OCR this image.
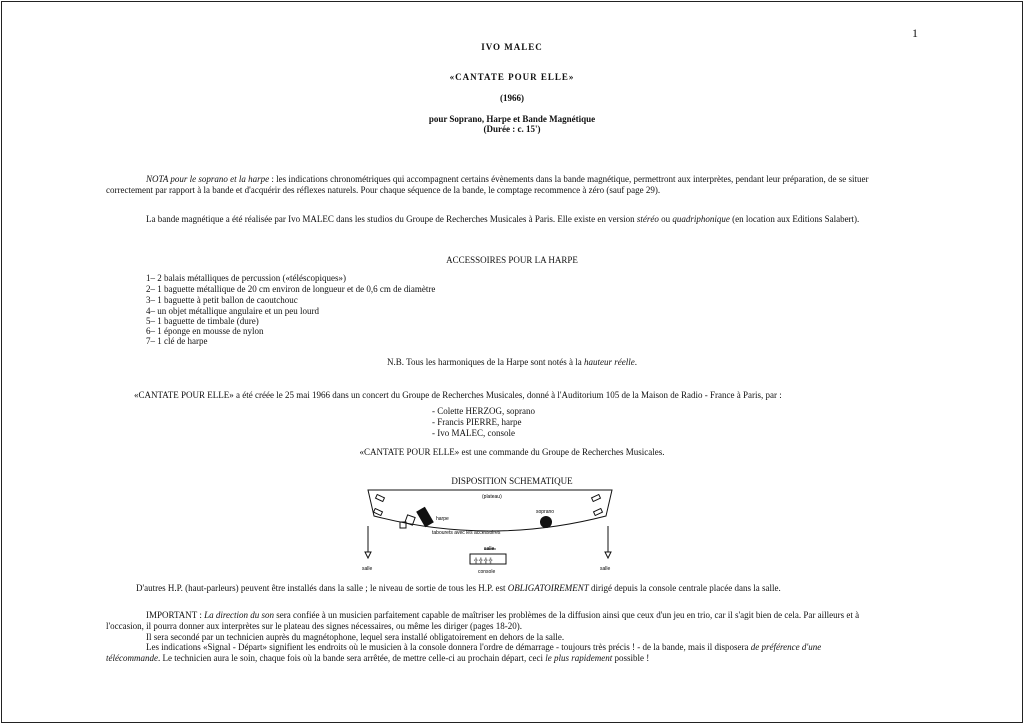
1
IVO MALEC
«CANTATE POUR ELLE»
(1966)
pour Soprano, Harpe et Bande Magnétique
(Durée : c. 15')
NOTA pour le soprano et la harpe : les indications chronométriques qui accompagnent certains évènements dans la bande magnétique, permettront aux interprètes, pendant leur préparation, de se situer correctement par rapport à la bande et d'acquérir des réflexes naturels. Pour chaque séquence de la bande, le comptage recommence à zéro (sauf page 29).
La bande magnétique a été réalisée par Ivo MALEC dans les studios du Groupe de Recherches Musicales à Paris. Elle existe en version stéréo ou quadriphonique (en location aux Editions Salabert).
ACCESSOIRES POUR LA HARPE
1– 2 balais métalliques de percussion («téléscopiques»)
2– 1 baguette métallique de 20 cm environ de longueur et de 0,6 cm de diamètre
3– 1 baguette à petit ballon de caoutchouc
4– un objet métallique angulaire et un peu lourd
5– 1 baguette de timbale (dure)
6– 1 éponge en mousse de nylon
7– 1 clé de harpe
N.B. Tous les harmoniques de la Harpe sont notés à la hauteur réelle.
«CANTATE POUR ELLE» a été créée le 25 mai 1966 dans un concert du Groupe de Recherches Musicales, donné à l'Auditorium 105 de la Maison de Radio - France à Paris, par :
- Colette HERZOG, soprano
- Francis PIERRE, harpe
- Ivo MALEC, console
«CANTATE POUR ELLE» est une commande du Groupe de Recherches Musicales.
DISPOSITION SCHEMATIQUE
(plateau)
harpe
soprano
tabourets avec les accessoires
salle
╬ ╬ ╬ ╬
console
salle	salle
D'autres H.P. (haut-parleurs) peuvent être installés dans la salle ; le niveau de sortie de tous les H.P. est OBLIGATOIREMENT dirigé depuis la console centrale placée dans la salle.
IMPORTANT : La direction du son sera confiée à un musicien parfaitement capable de maîtriser les problèmes de la diffusion ainsi que ceux d'un jeu en trio, car il s'agit bien de cela. Par ailleurs et à l'occasion, il pourra donner aux interprètes sur le plateau des signes nécessaires, ou même les diriger (pages 18-20).
Il sera secondé par un technicien auprès du magnétophone, lequel sera installé obligatoirement en dehors de la salle.
Les indications «Signal - Départ» signifient les endroits où le musicien à la console donnera l'ordre de démarrage - toujours très précis ! - de la bande, mais il disposera de préférence d'une télécommande. Le technicien aura le soin, chaque fois où la bande sera arrêtée, de mettre celle-ci au prochain départ, ceci le plus rapidement possible !
